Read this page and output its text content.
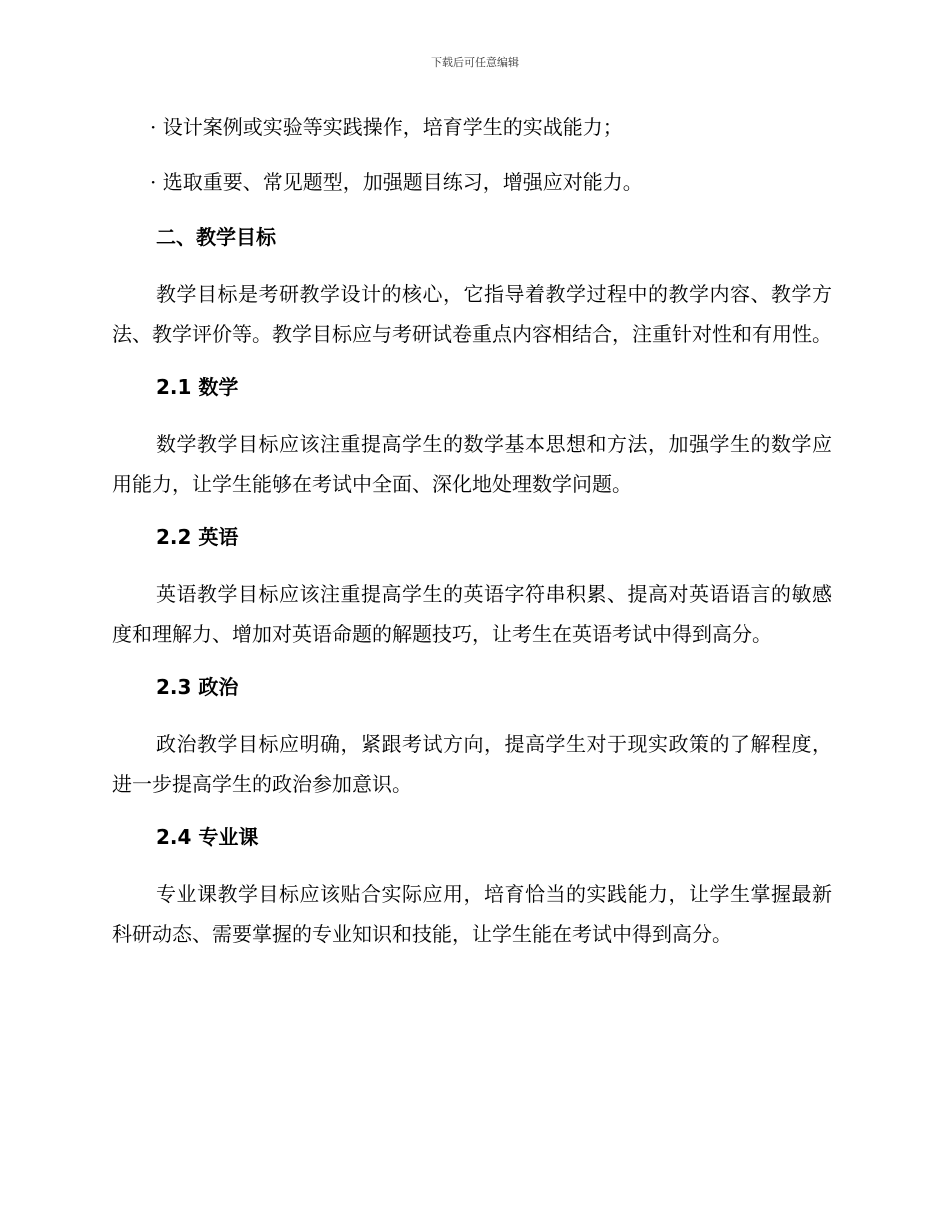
下载后可任意编辑

· 设计案例或实验等实践操作，培育学生的实战能力；

· 选取重要、常见题型，加强题目练习，增强应对能力。

二、教学目标

教学目标是考研教学设计的核心，它指导着教学过程中的教学内容、教学方法、教学评价等。教学目标应与考研试卷重点内容相结合，注重针对性和有用性。

2.1 数学

数学教学目标应该注重提高学生的数学基本思想和方法，加强学生的数学应用能力，让学生能够在考试中全面、深化地处理数学问题。

2.2 英语

英语教学目标应该注重提高学生的英语字符串积累、提高对英语语言的敏感度和理解力、增加对英语命题的解题技巧，让考生在英语考试中得到高分。

2.3 政治

政治教学目标应明确，紧跟考试方向，提高学生对于现实政策的了解程度，进一步提高学生的政治参加意识。

2.4 专业课

专业课教学目标应该贴合实际应用，培育恰当的实践能力，让学生掌握最新科研动态、需要掌握的专业知识和技能，让学生能在考试中得到高分。
